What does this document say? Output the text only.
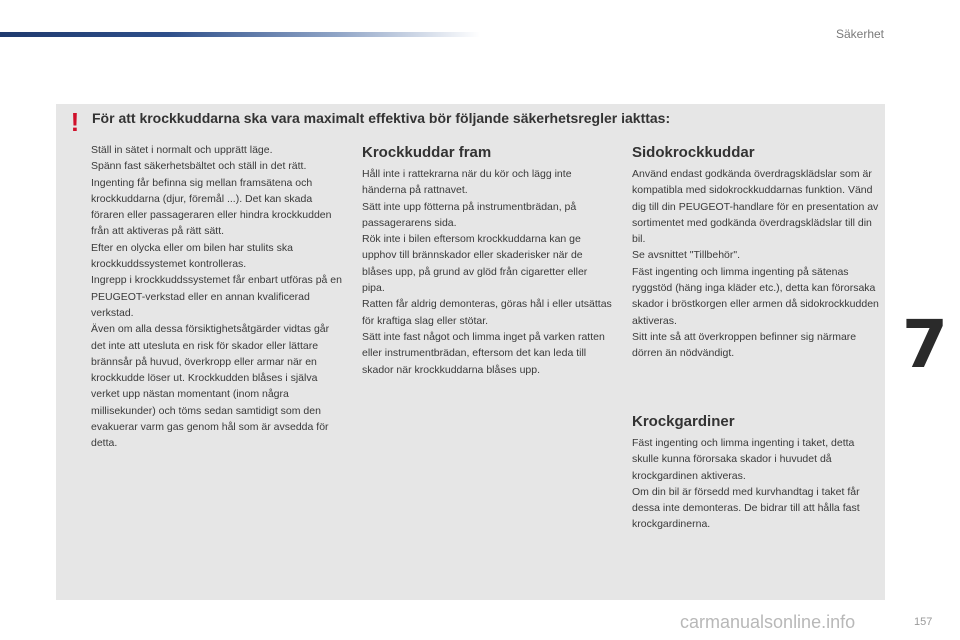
Säkerhet
! För att krockkuddarna ska vara maximalt effektiva bör följande säkerhetsregler iakttas:

Ställ in sätet i normalt och upprätt läge.

Spänn fast säkerhetsbältet och ställ in det rätt.

Ingenting får befinna sig mellan framsätena och krockkuddarna (djur, föremål ...). Det kan skada föraren eller passageraren eller hindra krockkudden från att aktiveras på rätt sätt.

Efter en olycka eller om bilen har stulits ska krockkuddssystemet kontrolleras.

Ingrepp i krockkuddssystemet får enbart utföras på en PEUGEOT-verkstad eller en annan kvalificerad verkstad.

Även om alla dessa försiktighetsåtgärder vidtas går det inte att utesluta en risk för skador eller lättare brännsår på huvud, överkropp eller armar när en krockkudde löser ut. Krockkudden blåses i själva verket upp nästan momentant (inom några millisekunder) och töms sedan samtidigt som den evakuerar varm gas genom hål som är avsedda för detta.

Krockkuddar fram

Håll inte i rattekrarna när du kör och lägg inte händerna på rattnavet.

Sätt inte upp fötterna på instrumentbrädan, på passagerarens sida.

Rök inte i bilen eftersom krockkuddarna kan ge upphov till brännskador eller skaderisker när de blåses upp, på grund av glöd från cigaretter eller pipa.

Ratten får aldrig demonteras, göras hål i eller utsättas för kraftiga slag eller stötar.

Sätt inte fast något och limma inget på varken ratten eller instrumentbrädan, eftersom det kan leda till skador när krockkuddarna blåses upp.

Sidokrockkuddar

Använd endast godkända överdragsklädslar som är kompatibla med sidokrockkuddarnas funktion. Vänd dig till din PEUGEOT-handlare för en presentation av sortimentet med godkända överdragsklädslar till din bil.

Se avsnittet "Tillbehör".

Fäst ingenting och limma ingenting på sätenas ryggstöd (häng inga kläder etc.), detta kan förorsaka skador i bröstkorgen eller armen då sidokrockkudden aktiveras.

Sitt inte så att överkroppen befinner sig närmare dörren än nödvändigt.

Krockgardiner

Fäst ingenting och limma ingenting i taket, detta skulle kunna förorsaka skador i huvudet då krockgardinen aktiveras.

Om din bil är försedd med kurvhandtag i taket får dessa inte demonteras. De bidrar till att hålla fast krockgardinerna.

7
carmanualsonline.info	157
